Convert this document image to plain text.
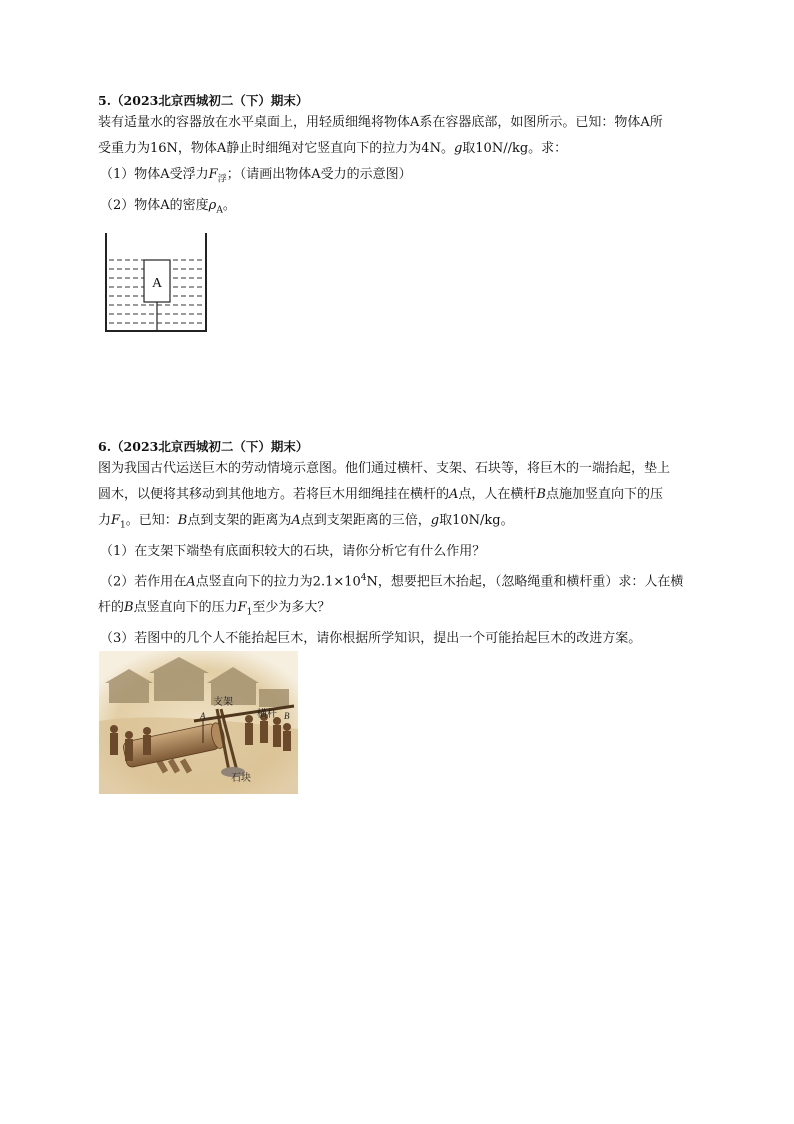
5.（2023北京西城初二（下）期末）
装有适量水的容器放在水平桌面上，用轻质细绳将物体A系在容器底部，如图所示。已知：物体A所
受重力为16N，物体A静止时细绳对它竖直向下的拉力为4N。g取10N//kg。求：
（1）物体A受浮力$F_浮$；（请画出物体A受力的示意图）
（2）物体A的密度$\rho_A$。
A
6.（2023北京西城初二（下）期末）
图为我国古代运送巨木的劳动情境示意图。他们通过横杆、支架、石块等，将巨木的一端抬起，垫上
圆木，以便将其移动到其他地方。若将巨木用细绳挂在横杆的A点，人在横杆B点施加竖直向下的压
力$F_1$。已知：B点到支架的距离为A点到支架距离的三倍，g取10N/kg。
（1）在支架下端垫有底面积较大的石块，请你分析它有什么作用？
（2）若作用在A点竖直向下的拉力为$2.1\times 10^4N$，想要把巨木抬起，（忽略绳重和横杆重）求：人在横
杆的B点竖直向下的压力$F_1$至少为多大？
（3）若图中的几个人不能抬起巨木，请你根据所学知识，提出一个可能抬起巨木的改进方案。
支架
横杆
A	B
石块
